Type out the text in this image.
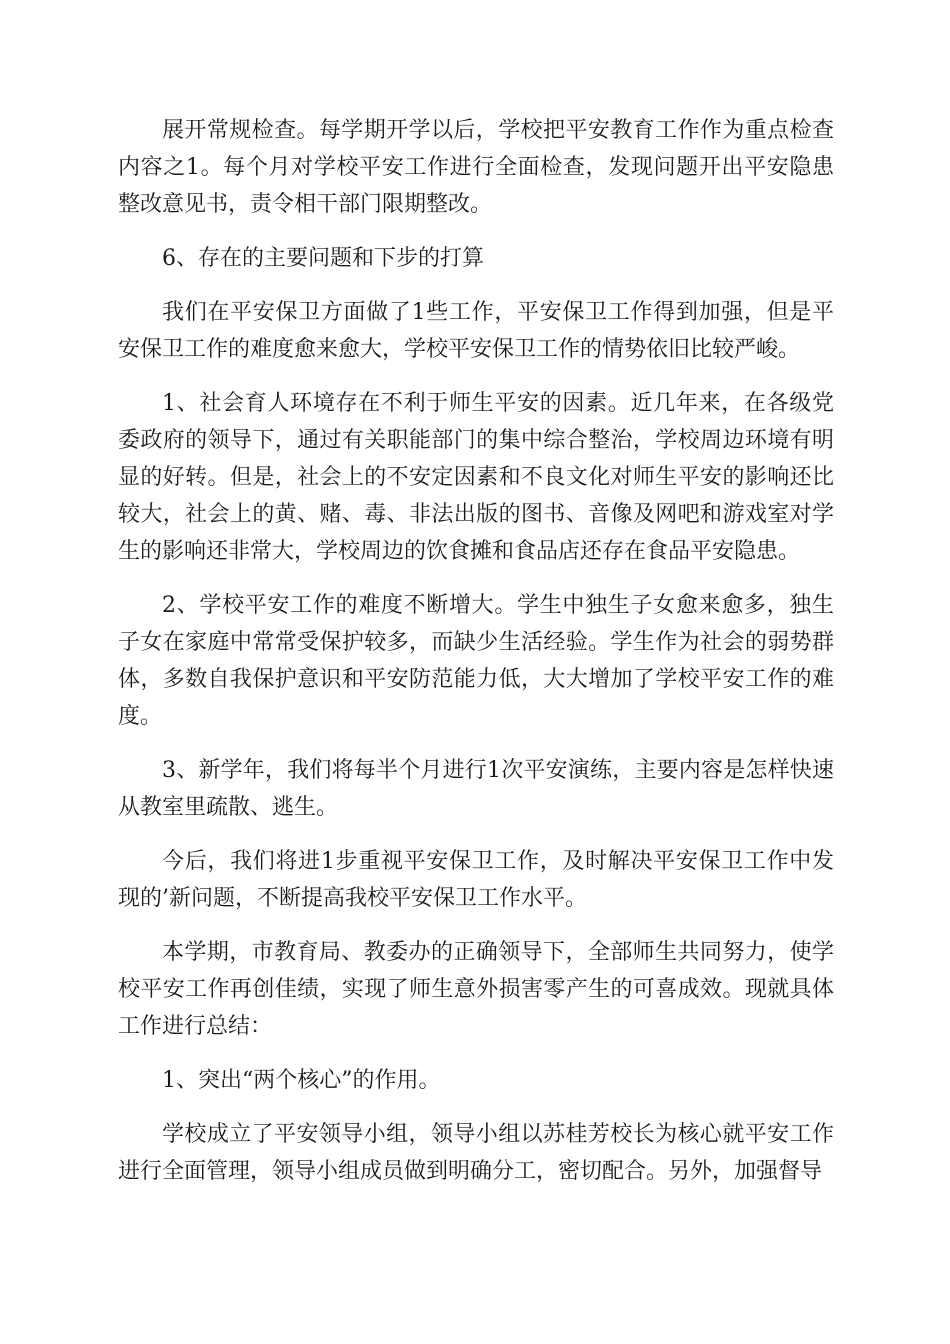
展开常规检查。每学期开学以后，学校把平安教育工作作为重点检查内容之1。每个月对学校平安工作进行全面检查，发现问题开出平安隐患整改意见书，责令相干部门限期整改。

6、存在的主要问题和下步的打算

我们在平安保卫方面做了1些工作，平安保卫工作得到加强，但是平安保卫工作的难度愈来愈大，学校平安保卫工作的情势依旧比较严峻。

1、社会育人环境存在不利于师生平安的因素。近几年来，在各级党委政府的领导下，通过有关职能部门的集中综合整治，学校周边环境有明显的好转。但是，社会上的不安定因素和不良文化对师生平安的影响还比较大，社会上的黄、赌、毒、非法出版的图书、音像及网吧和游戏室对学生的影响还非常大，学校周边的饮食摊和食品店还存在食品平安隐患。

2、学校平安工作的难度不断增大。学生中独生子女愈来愈多，独生子女在家庭中常常受保护较多，而缺少生活经验。学生作为社会的弱势群体，多数自我保护意识和平安防范能力低，大大增加了学校平安工作的难度。

3、新学年，我们将每半个月进行1次平安演练，主要内容是怎样快速从教室里疏散、逃生。

今后，我们将进1步重视平安保卫工作，及时解决平安保卫工作中发现的’新问题，不断提高我校平安保卫工作水平。

本学期，市教育局、教委办的正确领导下，全部师生共同努力，使学校平安工作再创佳绩，实现了师生意外损害零产生的可喜成效。现就具体工作进行总结：

1、突出“两个核心”的作用。

学校成立了平安领导小组，领导小组以苏桂芳校长为核心就平安工作进行全面管理，领导小组成员做到明确分工，密切配合。另外，加强督导
